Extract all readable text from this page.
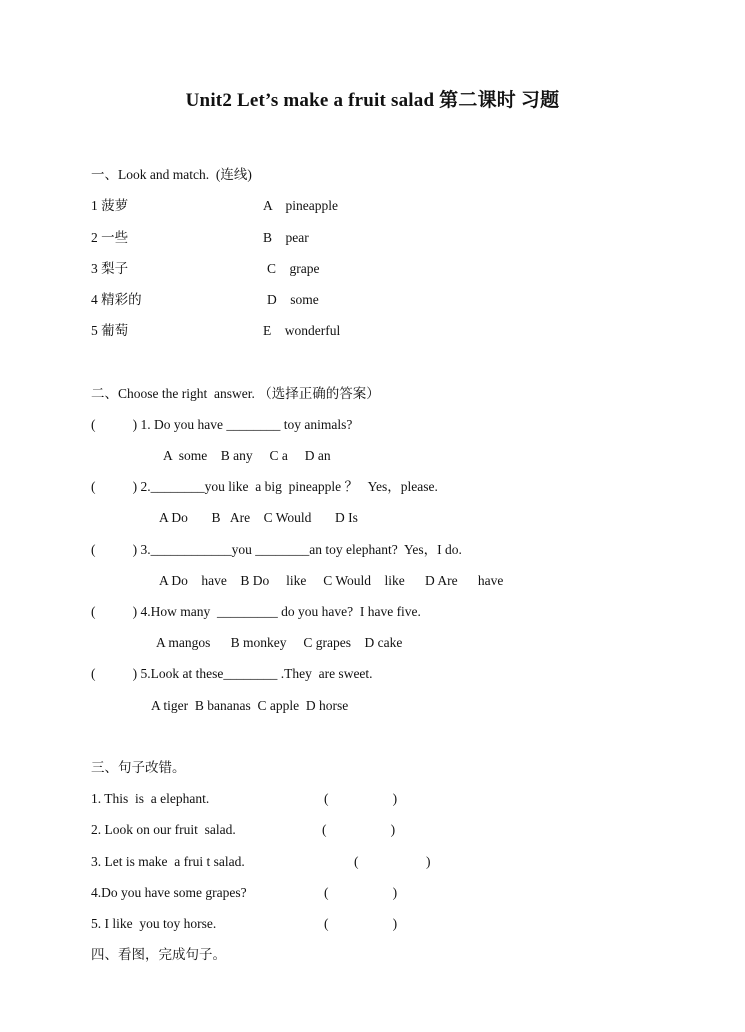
Unit2 Let’s make a fruit salad 第二课时 习题
一、Look and match.  (连线)
1 菠萝	A    pineapple
2 一些	B    pear
3 梨子	C    grape
4 精彩的	D    some
5 葡萄	E    wonderful
二、Choose the right  answer. （选择正确的答案）
(           ) 1. Do you have ________ toy animals?
A  some    B any     C a     D an
(           ) 2.________you like  a big  pineapple ？   Yes，please.
A Do       B   Are    C Would       D Is
(           ) 3.____________you ________an toy elephant?  Yes，I do.
A Do    have    B Do     like     C Would    like      D Are      have
(           ) 4.How many  _________ do you have?  I have five.
A mangos      B monkey     C grapes    D cake
(           ) 5.Look at these________ .They  are sweet.
A tiger  B bananas  C apple  D horse
三、句子改错。
1. This  is  a elephant.	(                   )
2. Look on our fruit  salad.	(                   )
3. Let is make  a frui t salad.	(                    )
4.Do you have some grapes?	(                   )
5. I like  you toy horse.	(                   )
四、看图，完成句子。
